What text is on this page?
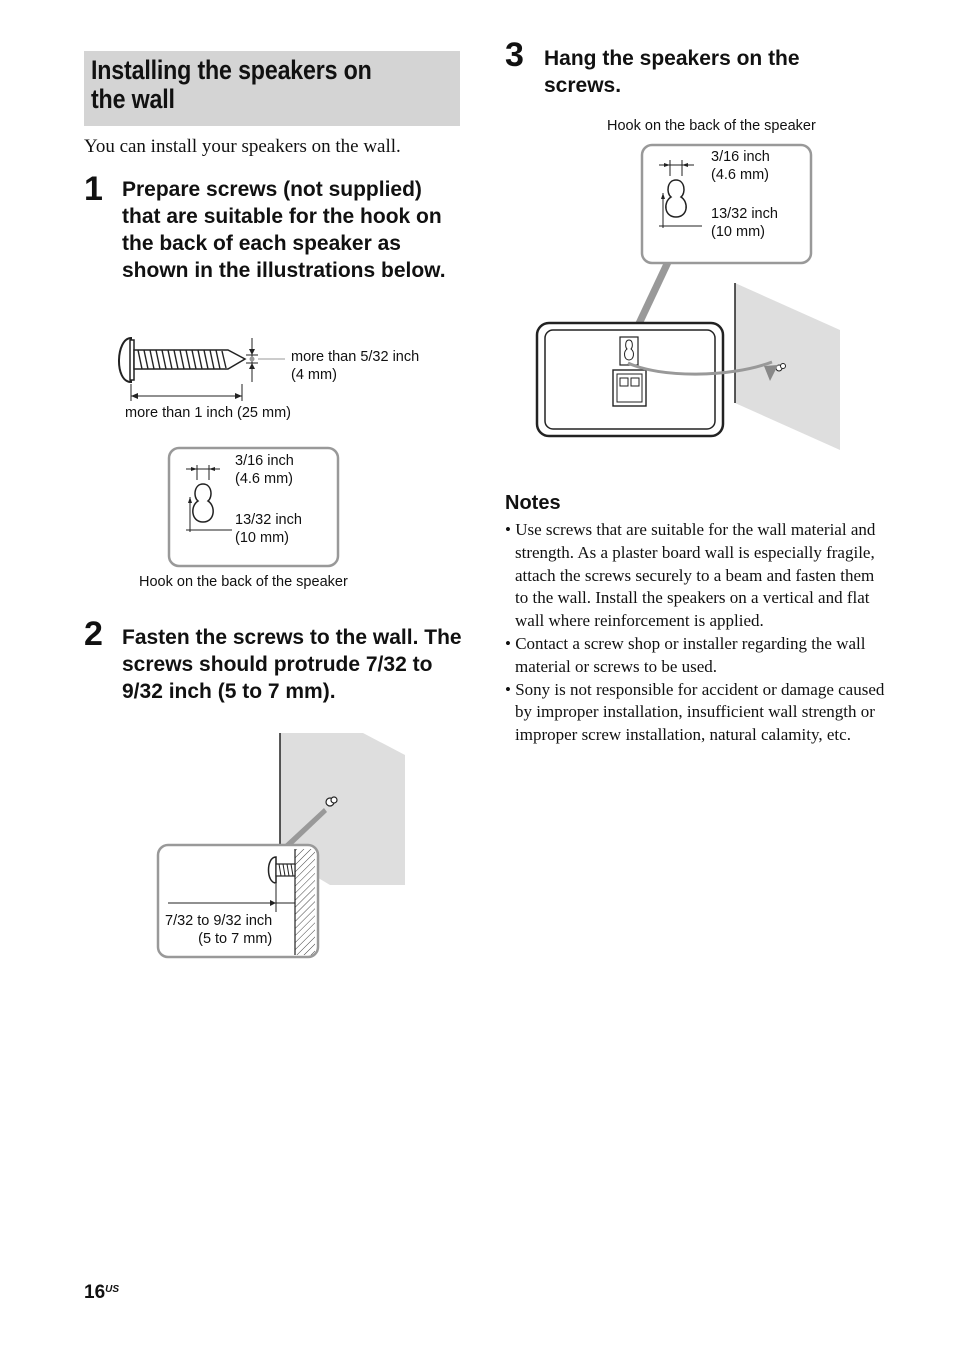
Installing the speakers on the wall
You can install your speakers on the wall.
1 Prepare screws (not supplied) that are suitable for the hook on the back of each speaker as shown in the illustrations below.
more than 5/32 inch
(4 mm)
more than 1 inch (25 mm)
3/16 inch
(4.6 mm)
13/32 inch
(10 mm)
Hook on the back of the speaker
2 Fasten the screws to the wall. The screws should protrude 7/32 to 9/32 inch (5 to 7 mm).
7/32 to 9/32 inch
(5 to 7 mm)
3 Hang the speakers on the screws.
Hook on the back of the speaker
3/16 inch
(4.6 mm)
13/32 inch
(10 mm)
Notes
• Use screws that are suitable for the wall material and strength. As a plaster board wall is especially fragile, attach the screws securely to a beam and fasten them to the wall. Install the speakers on a vertical and flat wall where reinforcement is applied.
• Contact a screw shop or installer regarding the wall material or screws to be used.
• Sony is not responsible for accident or damage caused by improper installation, insufficient wall strength or improper screw installation, natural calamity, etc.
$16^{US}$
